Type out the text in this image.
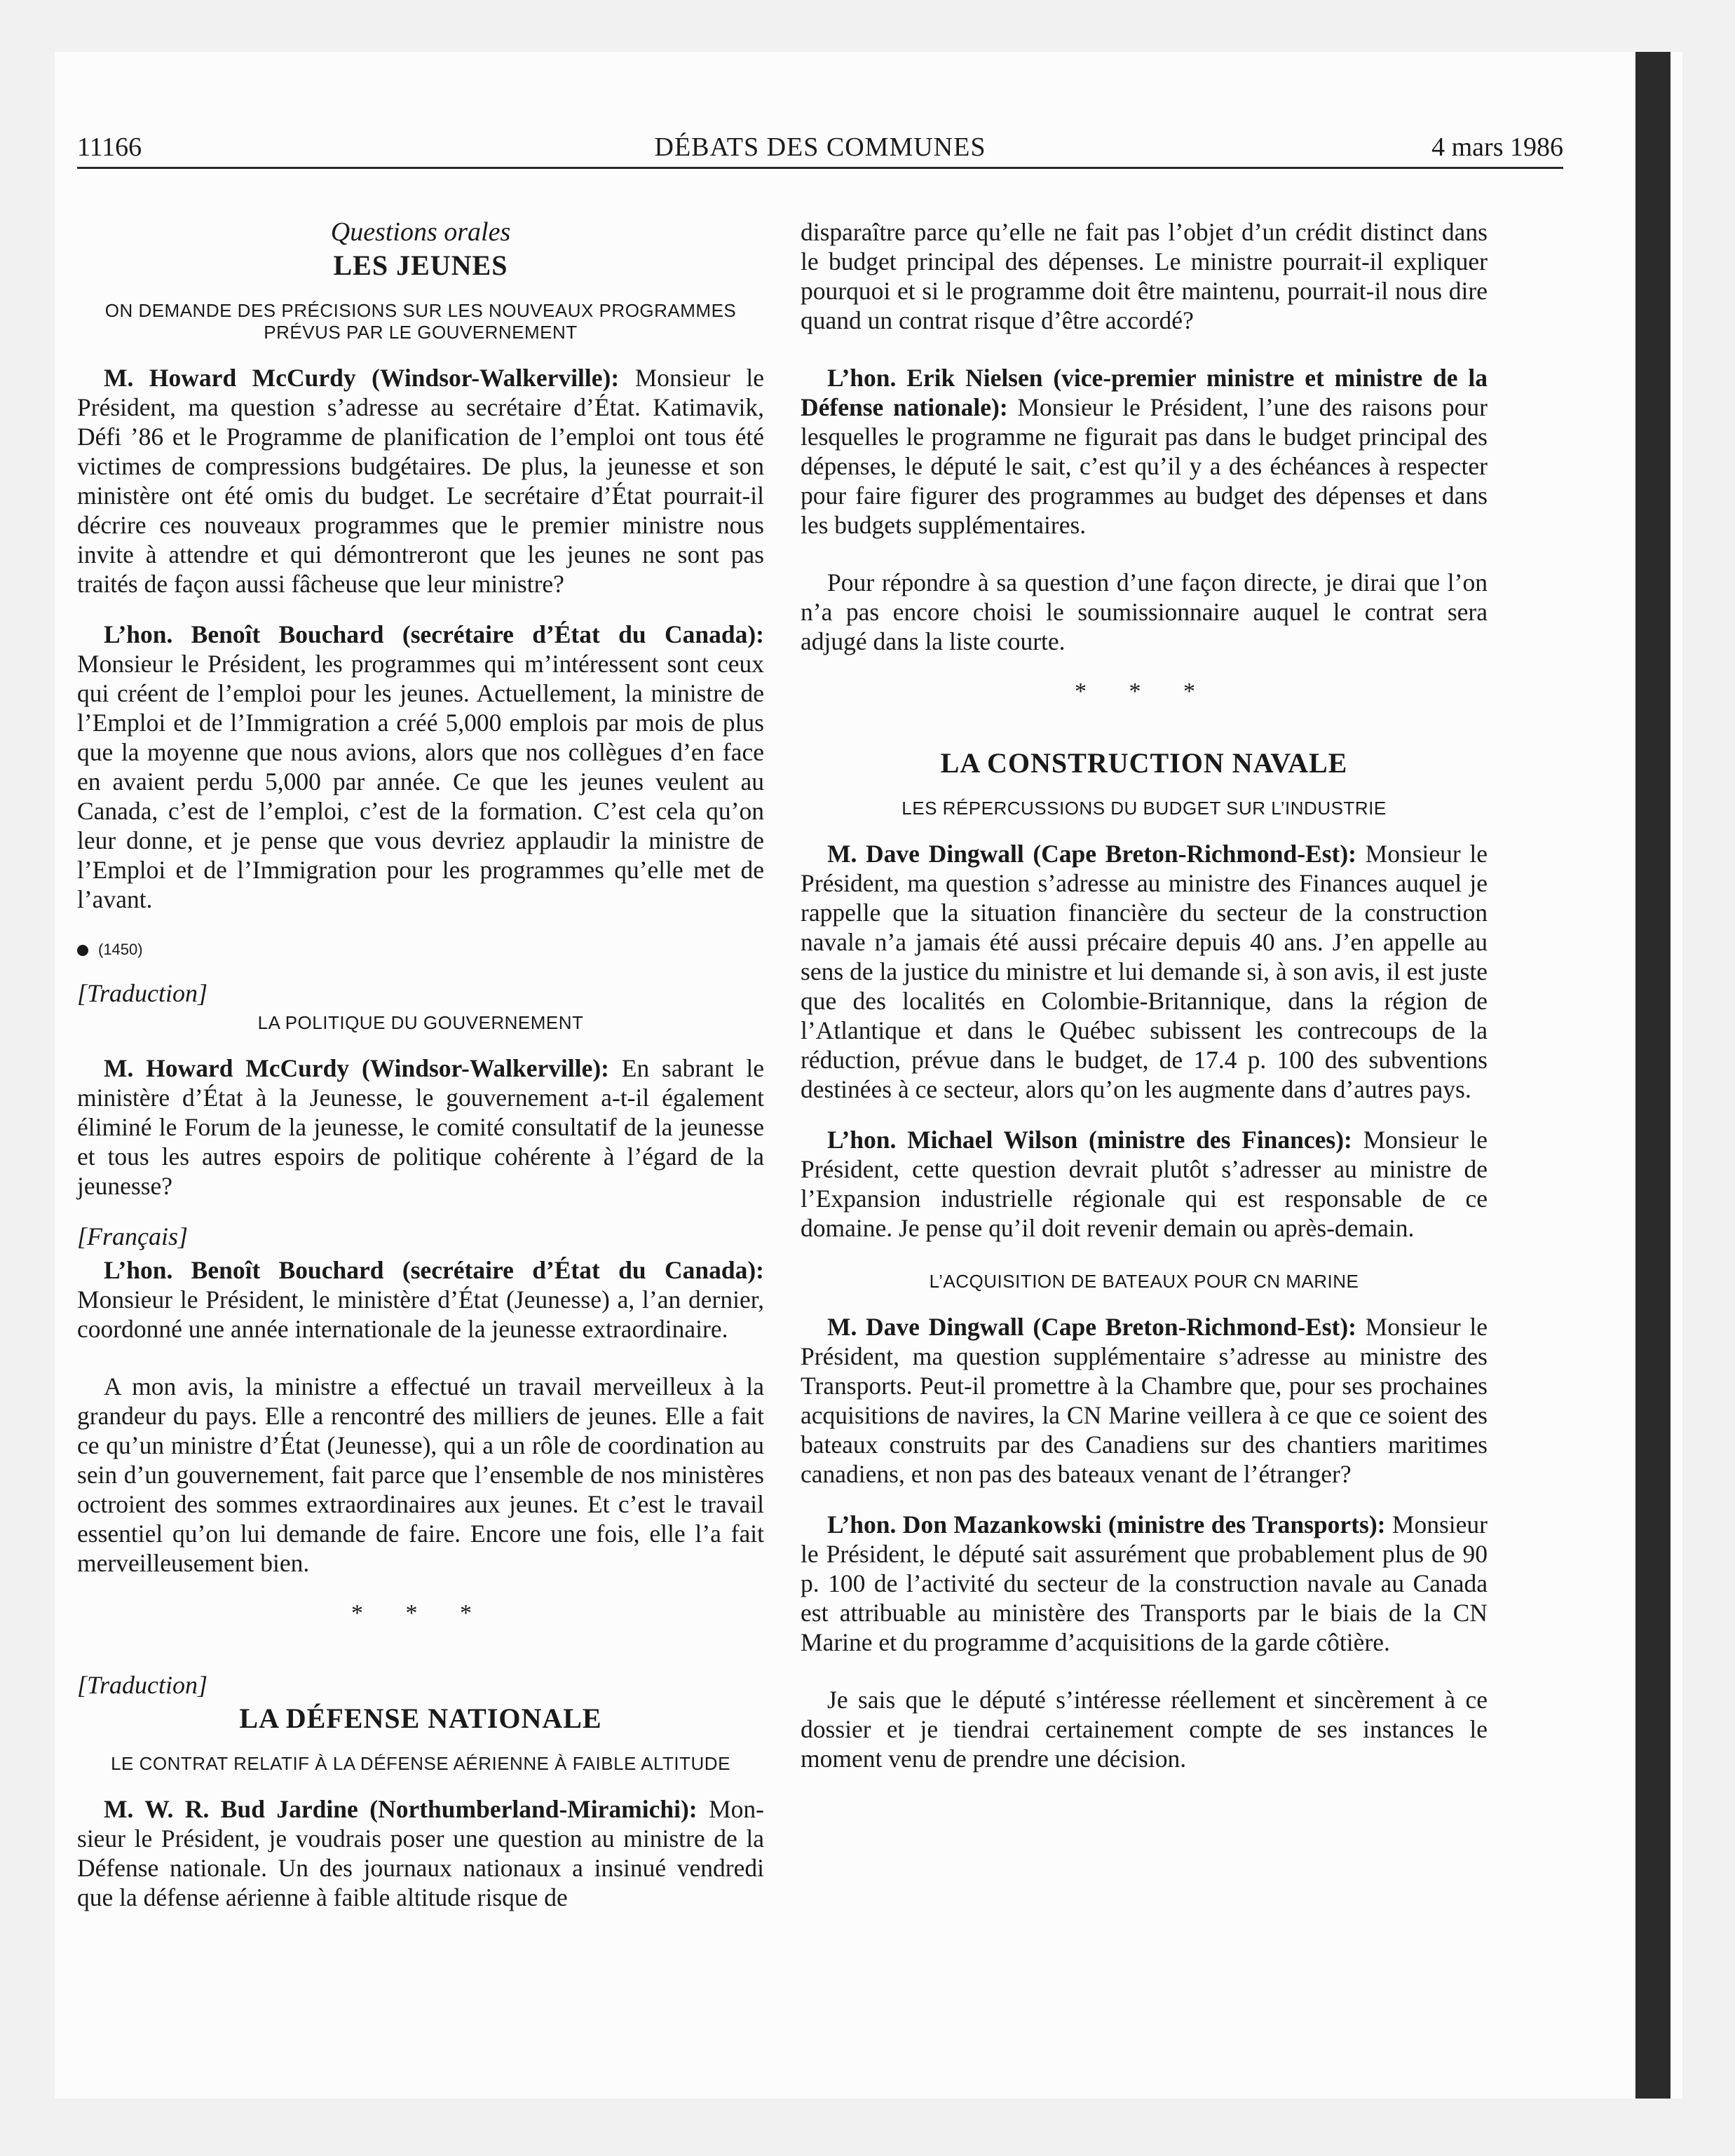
11166	DÉBATS DES COMMUNES	4 mars 1986
Questions orales
LES JEUNES
ON DEMANDE DES PRÉCISIONS SUR LES NOUVEAUX PROGRAMMES PRÉVUS PAR LE GOUVERNEMENT

M. Howard McCurdy (Windsor-Walkerville): Monsieur le Président, ma question s’adresse au secrétaire d’État. Katimavik, Défi ’86 et le Programme de planification de l’emploi ont tous été victimes de compressions budgétaires. De plus, la jeunesse et son ministère ont été omis du budget. Le secrétaire d’État pourrait-il décrire ces nouveaux programmes que le premier ministre nous invite à attendre et qui démontreront que les jeunes ne sont pas traités de façon aussi fâcheuse que leur ministre?

L’hon. Benoît Bouchard (secrétaire d’État du Canada): Monsieur le Président, les programmes qui m’intéressent sont ceux qui créent de l’emploi pour les jeunes. Actuellement, la ministre de l’Emploi et de l’Immigration a créé 5,000 emplois par mois de plus que la moyenne que nous avions, alors que nos collègues d’en face en avaient perdu 5,000 par année. Ce que les jeunes veulent au Canada, c’est de l’emploi, c’est de la formation. C’est cela qu’on leur donne, et je pense que vous devriez applaudir la ministre de l’Emploi et de l’Immigration pour les programmes qu’elle met de l’avant.

(1450)
[Traduction]
LA POLITIQUE DU GOUVERNEMENT

M. Howard McCurdy (Windsor-Walkerville): En sabrant le ministère d’État à la Jeunesse, le gouvernement a-t-il également éliminé le Forum de la jeunesse, le comité consultatif de la jeunesse et tous les autres espoirs de politique cohérente à l’égard de la jeunesse?

[Français]

L’hon. Benoît Bouchard (secrétaire d’État du Canada): Monsieur le Président, le ministère d’État (Jeunesse) a, l’an dernier, coordonné une année internationale de la jeunesse extraordinaire.

A mon avis, la ministre a effectué un travail merveilleux à la grandeur du pays. Elle a rencontré des milliers de jeunes. Elle a fait ce qu’un ministre d’État (Jeunesse), qui a un rôle de coordination au sein d’un gouvernement, fait parce que l’ensemble de nos ministères octroient des sommes extraordinaires aux jeunes. Et c’est le travail essentiel qu’on lui demande de faire. Encore une fois, elle l’a fait merveilleusement bien.

* * *
[Traduction]
LA DÉFENSE NATIONALE
LE CONTRAT RELATIF À LA DÉFENSE AÉRIENNE À FAIBLE ALTITUDE

M. W. R. Bud Jardine (Northumberland-Miramichi): Monsieur le Président, je voudrais poser une question au ministre de la Défense nationale. Un des journaux nationaux a insinué vendredi que la défense aérienne à faible altitude risque de

disparaître parce qu’elle ne fait pas l’objet d’un crédit distinct dans le budget principal des dépenses. Le ministre pourrait-il expliquer pourquoi et si le programme doit être maintenu, pourrait-il nous dire quand un contrat risque d’être accordé?

L’hon. Erik Nielsen (vice-premier ministre et ministre de la Défense nationale): Monsieur le Président, l’une des raisons pour lesquelles le programme ne figurait pas dans le budget principal des dépenses, le député le sait, c’est qu’il y a des échéances à respecter pour faire figurer des programmes au budget des dépenses et dans les budgets supplémentaires.

Pour répondre à sa question d’une façon directe, je dirai que l’on n’a pas encore choisi le soumissionnaire auquel le contrat sera adjugé dans la liste courte.

* * *
LA CONSTRUCTION NAVALE
LES RÉPERCUSSIONS DU BUDGET SUR L’INDUSTRIE

M. Dave Dingwall (Cape Breton-Richmond-Est): Monsieur le Président, ma question s’adresse au ministre des Finances auquel je rappelle que la situation financière du secteur de la construction navale n’a jamais été aussi précaire depuis 40 ans. J’en appelle au sens de la justice du ministre et lui demande si, à son avis, il est juste que des localités en Colombie-Britannique, dans la région de l’Atlantique et dans le Québec subissent les contrecoups de la réduction, prévue dans le budget, de 17.4 p. 100 des subventions destinées à ce secteur, alors qu’on les augmente dans d’autres pays.

L’hon. Michael Wilson (ministre des Finances): Monsieur le Président, cette question devrait plutôt s’adresser au ministre de l’Expansion industrielle régionale qui est responsable de ce domaine. Je pense qu’il doit revenir demain ou après-demain.

L’ACQUISITION DE BATEAUX POUR CN MARINE

M. Dave Dingwall (Cape Breton-Richmond-Est): Monsieur le Président, ma question supplémentaire s’adresse au ministre des Transports. Peut-il promettre à la Chambre que, pour ses prochaines acquisitions de navires, la CN Marine veillera à ce que ce soient des bateaux construits par des Canadiens sur des chantiers maritimes canadiens, et non pas des bateaux venant de l’étranger?

L’hon. Don Mazankowski (ministre des Transports): Monsieur le Président, le député sait assurément que probablement plus de 90 p. 100 de l’activité du secteur de la construction navale au Canada est attribuable au ministère des Transports par le biais de la CN Marine et du programme d’acquisitions de la garde côtière.

Je sais que le député s’intéresse réellement et sincèrement à ce dossier et je tiendrai certainement compte de ses instances le moment venu de prendre une décision.
